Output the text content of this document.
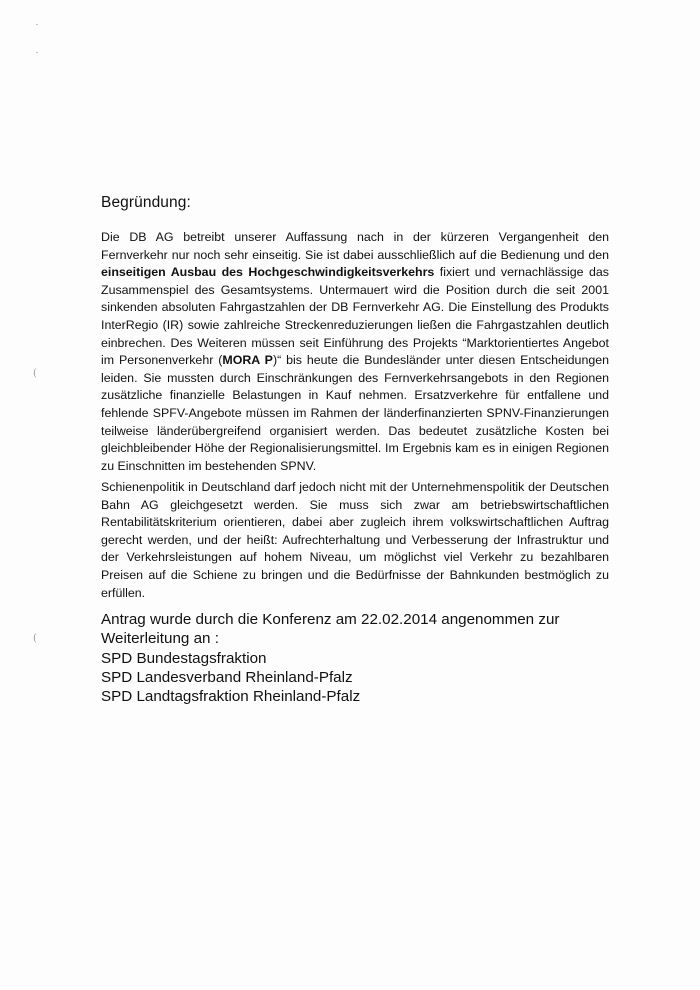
Begründung:

Die DB AG betreibt unserer Auffassung nach in der kürzeren Vergangenheit den Fernverkehr nur noch sehr einseitig. Sie ist dabei ausschließlich auf die Bedienung und den einseitigen Ausbau des Hochgeschwindigkeitsverkehrs fixiert und vernachlässige das Zusammenspiel des Gesamtsystems. Untermauert wird die Position durch die seit 2001 sinkenden absoluten Fahrgastzahlen der DB Fernverkehr AG. Die Einstellung des Produkts InterRegio (IR) sowie zahlreiche Streckenreduzierungen ließen die Fahrgastzahlen deutlich einbrechen. Des Weiteren müssen seit Einführung des Projekts “Marktorientiertes Angebot im Personenverkehr (MORA P)“ bis heute die Bundesländer unter diesen Entscheidungen leiden. Sie mussten durch Einschränkungen des Fernverkehrsangebots in den Regionen zusätzliche finanzielle Belastungen in Kauf nehmen. Ersatzverkehre für entfallene und fehlende SPFV-Angebote müssen im Rahmen der länderfinanzierten SPNV-Finanzierungen teilweise länderübergreifend organisiert werden. Das bedeutet zusätzliche Kosten bei gleichbleibender Höhe der Regionalisierungsmittel. Im Ergebnis kam es in einigen Regionen zu Einschnitten im bestehenden SPNV.

Schienenpolitik in Deutschland darf jedoch nicht mit der Unternehmenspolitik der Deutschen Bahn AG gleichgesetzt werden. Sie muss sich zwar am betriebswirtschaftlichen Rentabilitätskriterium orientieren, dabei aber zugleich ihrem volkswirtschaftlichen Auftrag gerecht werden, und der heißt: Aufrechterhaltung und Verbesserung der Infrastruktur und der Verkehrsleistungen auf hohem Niveau, um möglichst viel Verkehr zu bezahlbaren Preisen auf die Schiene zu bringen und die Bedürfnisse der Bahnkunden bestmöglich zu erfüllen.

Antrag wurde durch die Konferenz am 22.02.2014 angenommen zur
Weiterleitung an :
SPD Bundestagsfraktion
SPD Landesverband Rheinland-Pfalz
SPD Landtagsfraktion Rheinland-Pfalz
(
(
